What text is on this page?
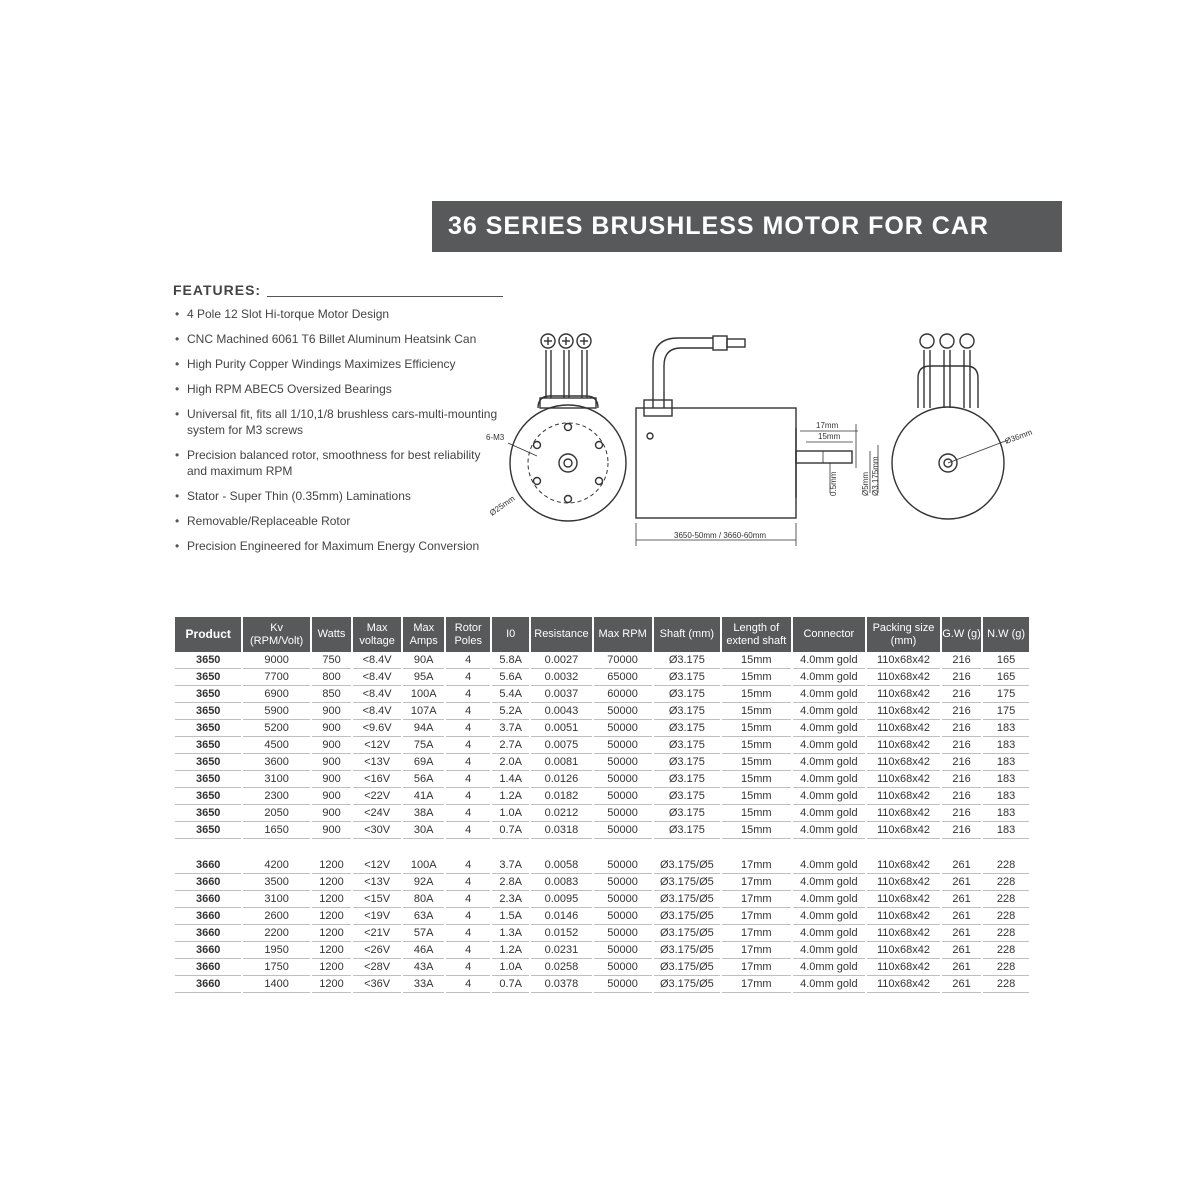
36 SERIES BRUSHLESS MOTOR FOR CAR
FEATURES:
• 4 Pole 12 Slot Hi-torque Motor Design
• CNC Machined 6061 T6 Billet Aluminum Heatsink Can
• High Purity Copper Windings Maximizes Efficiency
• High RPM ABEC5 Oversized Bearings
• Universal fit, fits all 1/10,1/8 brushless cars-multi-mounting system for M3 screws
• Precision balanced rotor, smoothness for best reliability and maximum RPM
• Stator - Super Thin (0.35mm) Laminations
• Removable/Replaceable Rotor
• Precision Engineered for Maximum Energy Conversion
6-M3
Ø25mm
17mm
15mm
0.5mm	Ø5mm Ø3.175mm
3650-50mm / 3660-60mm
Ø36mm
Product	Kv (RPM/Volt)	Watts	Max voltage	Max Amps	Rotor Poles	I0	Resistance	Max RPM	Shaft (mm)	Length of extend shaft	Connector	Packing size (mm)	G.W (g)	N.W (g)
3650	9000	750	<8.4V	90A	4	5.8A	0.0027	70000	Ø3.175	15mm	4.0mm gold	110x68x42	216	165
3650	7700	800	<8.4V	95A	4	5.6A	0.0032	65000	Ø3.175	15mm	4.0mm gold	110x68x42	216	165
3650	6900	850	<8.4V	100A	4	5.4A	0.0037	60000	Ø3.175	15mm	4.0mm gold	110x68x42	216	175
3650	5900	900	<8.4V	107A	4	5.2A	0.0043	50000	Ø3.175	15mm	4.0mm gold	110x68x42	216	175
3650	5200	900	<9.6V	94A	4	3.7A	0.0051	50000	Ø3.175	15mm	4.0mm gold	110x68x42	216	183
3650	4500	900	<12V	75A	4	2.7A	0.0075	50000	Ø3.175	15mm	4.0mm gold	110x68x42	216	183
3650	3600	900	<13V	69A	4	2.0A	0.0081	50000	Ø3.175	15mm	4.0mm gold	110x68x42	216	183
3650	3100	900	<16V	56A	4	1.4A	0.0126	50000	Ø3.175	15mm	4.0mm gold	110x68x42	216	183
3650	2300	900	<22V	41A	4	1.2A	0.0182	50000	Ø3.175	15mm	4.0mm gold	110x68x42	216	183
3650	2050	900	<24V	38A	4	1.0A	0.0212	50000	Ø3.175	15mm	4.0mm gold	110x68x42	216	183
3650	1650	900	<30V	30A	4	0.7A	0.0318	50000	Ø3.175	15mm	4.0mm gold	110x68x42	216	183

3660	4200	1200	<12V	100A	4	3.7A	0.0058	50000	Ø3.175/Ø5	17mm	4.0mm gold	110x68x42	261	228
3660	3500	1200	<13V	92A	4	2.8A	0.0083	50000	Ø3.175/Ø5	17mm	4.0mm gold	110x68x42	261	228
3660	3100	1200	<15V	80A	4	2.3A	0.0095	50000	Ø3.175/Ø5	17mm	4.0mm gold	110x68x42	261	228
3660	2600	1200	<19V	63A	4	1.5A	0.0146	50000	Ø3.175/Ø5	17mm	4.0mm gold	110x68x42	261	228
3660	2200	1200	<21V	57A	4	1.3A	0.0152	50000	Ø3.175/Ø5	17mm	4.0mm gold	110x68x42	261	228
3660	1950	1200	<26V	46A	4	1.2A	0.0231	50000	Ø3.175/Ø5	17mm	4.0mm gold	110x68x42	261	228
3660	1750	1200	<28V	43A	4	1.0A	0.0258	50000	Ø3.175/Ø5	17mm	4.0mm gold	110x68x42	261	228
3660	1400	1200	<36V	33A	4	0.7A	0.0378	50000	Ø3.175/Ø5	17mm	4.0mm gold	110x68x42	261	228
